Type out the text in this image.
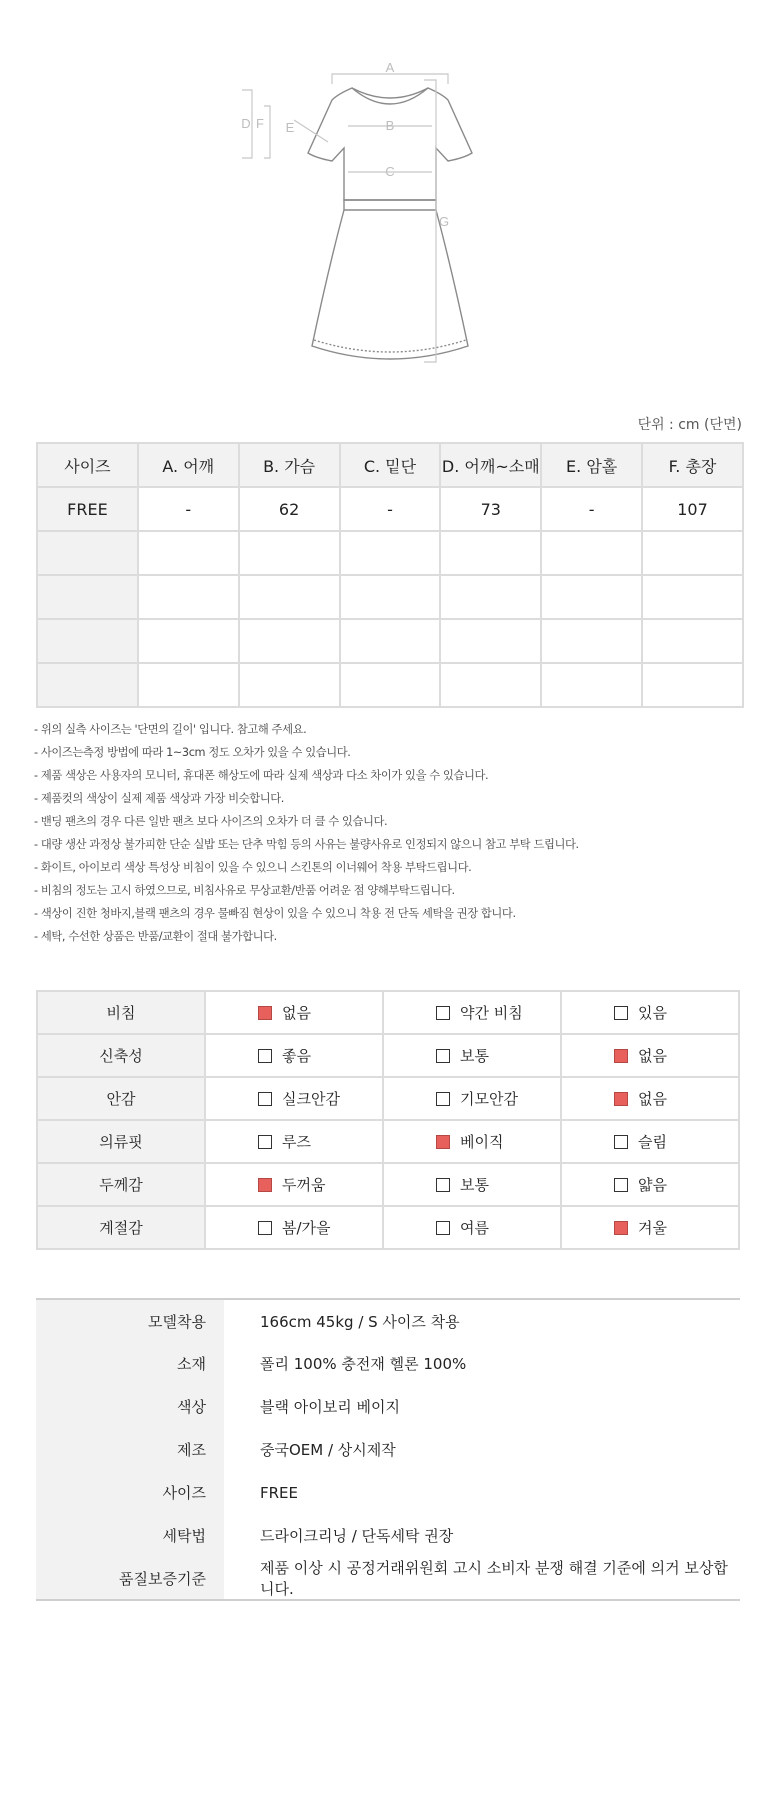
A
B
C
D F E
G
단위 : cm (단면)
사이즈	A. 어깨	B. 가슴	C. 밑단	D. 어깨~소매	E. 암홀	F. 총장
FREE	-	62	-	73	-	107

- 위의 실측 사이즈는 '단면의 길이' 입니다. 참고해 주세요.
- 사이즈는측정 방법에 따라 1~3cm 정도 오차가 있을 수 있습니다.
- 제품 색상은 사용자의 모니터, 휴대폰 해상도에 따라 실제 색상과 다소 차이가 있을 수 있습니다.
- 제품컷의 색상이 실제 제품 색상과 가장 비슷합니다.
- 밴딩 팬츠의 경우 다른 일반 팬츠 보다 사이즈의 오차가 더 클 수 있습니다.
- 대량 생산 과정상 불가피한 단순 실밥 또는 단추 막힘 등의 사유는 불량사유로 인정되지 않으니 참고 부탁 드립니다.
- 화이트, 아이보리 색상 특성상 비침이 있을 수 있으니 스킨톤의 이너웨어 착용 부탁드립니다.
- 비침의 정도는 고시 하였으므로, 비침사유로 무상교환/반품 어려운 점 양해부탁드립니다.
- 색상이 진한 청바지,블랙 팬츠의 경우 물빠짐 현상이 있을 수 있으니 착용 전 단독 세탁을 권장 합니다.
- 세탁, 수선한 상품은 반품/교환이 절대 불가합니다.
비침	없음	약간 비침	있음
신축성	좋음	보통	없음
안감	실크안감	기모안감	없음
의류핏	루즈	베이직	슬림
두께감	두꺼움	보통	얇음
계절감	봄/가을	여름	겨울
모델착용	166cm 45kg / S 사이즈 착용
소재	폴리 100% 충전재 헬론 100%
색상	블랙 아이보리 베이지
제조	중국OEM / 상시제작
사이즈	FREE
세탁법	드라이크리닝 / 단독세탁 권장
품질보증기준	제품 이상 시 공정거래위원회 고시 소비자 분쟁 해결 기준에 의거 보상합니다.
